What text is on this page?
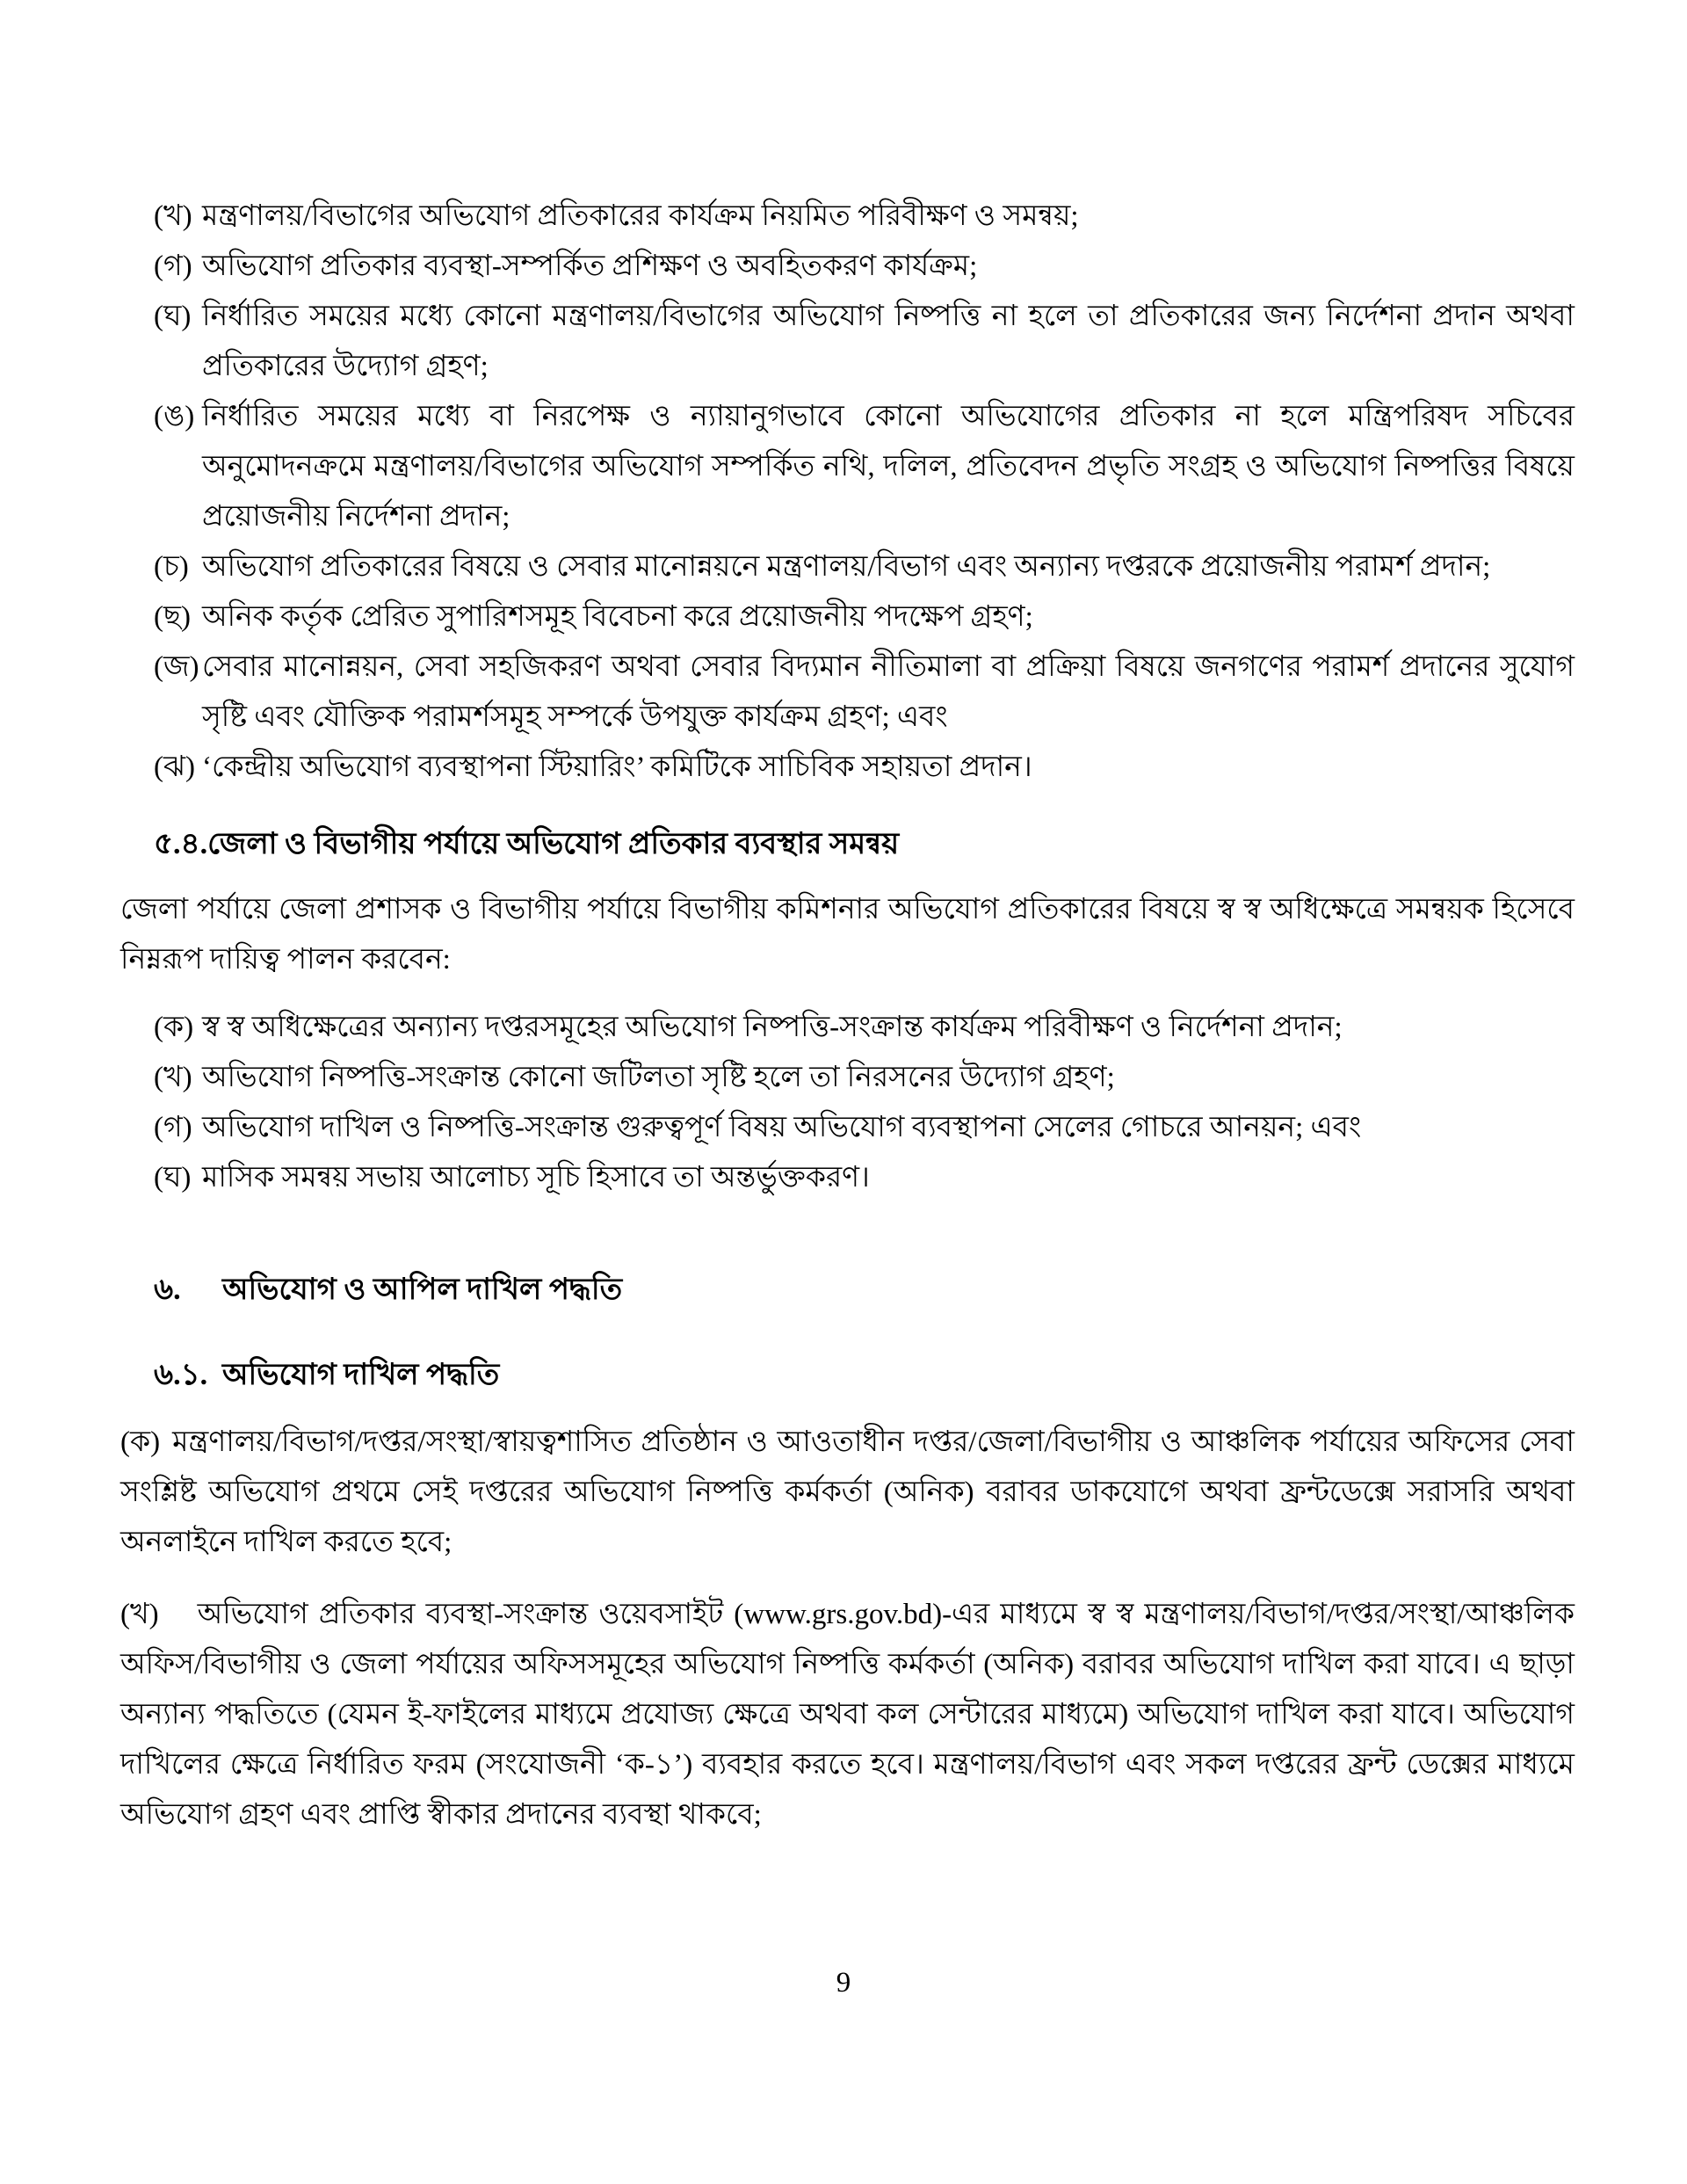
(খ) মন্ত্রণালয়/বিভাগের অভিযোগ প্রতিকারের কার্যক্রম নিয়মিত পরিবীক্ষণ ও সমন্বয়;
(গ) অভিযোগ প্রতিকার ব্যবস্থা-সম্পর্কিত প্রশিক্ষণ ও অবহিতকরণ কার্যক্রম;
(ঘ) নির্ধারিত সময়ের মধ্যে কোনো মন্ত্রণালয়/বিভাগের অভিযোগ নিষ্পত্তি না হলে তা প্রতিকারের জন্য নির্দেশনা প্রদান অথবা প্রতিকারের উদ্যোগ গ্রহণ;
(ঙ) নির্ধারিত সময়ের মধ্যে বা নিরপেক্ষ ও ন্যায়ানুগভাবে কোনো অভিযোগের প্রতিকার না হলে মন্ত্রিপরিষদ সচিবের অনুমোদনক্রমে মন্ত্রণালয়/বিভাগের অভিযোগ সম্পর্কিত নথি, দলিল, প্রতিবেদন প্রভৃতি সংগ্রহ ও অভিযোগ নিষ্পত্তির বিষয়ে প্রয়োজনীয় নির্দেশনা প্রদান;
(চ) অভিযোগ প্রতিকারের বিষয়ে ও সেবার মানোন্নয়নে মন্ত্রণালয়/বিভাগ এবং অন্যান্য দপ্তরকে প্রয়োজনীয় পরামর্শ প্রদান;
(ছ) অনিক কর্তৃক প্রেরিত সুপারিশসমূহ বিবেচনা করে প্রয়োজনীয় পদক্ষেপ গ্রহণ;
(জ) সেবার মানোন্নয়ন, সেবা সহজিকরণ অথবা সেবার বিদ্যমান নীতিমালা বা প্রক্রিয়া বিষয়ে জনগণের পরামর্শ প্রদানের সুযোগ সৃষ্টি এবং যৌক্তিক পরামর্শসমূহ সম্পর্কে উপযুক্ত কার্যক্রম গ্রহণ; এবং
(ঝ) ‘কেন্দ্রীয় অভিযোগ ব্যবস্থাপনা স্টিয়ারিং’ কমিটিকে সাচিবিক সহায়তা প্রদান।
৫.৪. জেলা ও বিভাগীয় পর্যায়ে অভিযোগ প্রতিকার ব্যবস্থার সমন্বয়

জেলা পর্যায়ে জেলা প্রশাসক ও বিভাগীয় পর্যায়ে বিভাগীয় কমিশনার অভিযোগ প্রতিকারের বিষয়ে স্ব স্ব অধিক্ষেত্রে সমন্বয়ক হিসেবে নিম্নরূপ দায়িত্ব পালন করবেন:

(ক) স্ব স্ব অধিক্ষেত্রের অন্যান্য দপ্তরসমূহের অভিযোগ নিষ্পত্তি-সংক্রান্ত কার্যক্রম পরিবীক্ষণ ও নির্দেশনা প্রদান;
(খ) অভিযোগ নিষ্পত্তি-সংক্রান্ত কোনো জটিলতা সৃষ্টি হলে তা নিরসনের উদ্যোগ গ্রহণ;
(গ) অভিযোগ দাখিল ও নিষ্পত্তি-সংক্রান্ত গুরুত্বপূর্ণ বিষয় অভিযোগ ব্যবস্থাপনা সেলের গোচরে আনয়ন; এবং
(ঘ) মাসিক সমন্বয় সভায় আলোচ্য সূচি হিসাবে তা অন্তর্ভুক্তকরণ।
৬.	অভিযোগ ও আপিল দাখিল পদ্ধতি
৬.১. অভিযোগ দাখিল পদ্ধতি

(ক) মন্ত্রণালয়/বিভাগ/দপ্তর/সংস্থা/স্বায়ত্বশাসিত প্রতিষ্ঠান ও আওতাধীন দপ্তর/জেলা/বিভাগীয় ও আঞ্চলিক পর্যায়ের অফিসের সেবা সংশ্লিষ্ট অভিযোগ প্রথমে সেই দপ্তরের অভিযোগ নিষ্পত্তি কর্মকর্তা (অনিক) বরাবর ডাকযোগে অথবা ফ্রন্টডেক্সে সরাসরি অথবা অনলাইনে দাখিল করতে হবে;

(খ) অভিযোগ প্রতিকার ব্যবস্থা-সংক্রান্ত ওয়েবসাইট (www.grs.gov.bd)-এর মাধ্যমে স্ব স্ব মন্ত্রণালয়/বিভাগ/দপ্তর/সংস্থা/আঞ্চলিক অফিস/বিভাগীয় ও জেলা পর্যায়ের অফিসসমূহের অভিযোগ নিষ্পত্তি কর্মকর্তা (অনিক) বরাবর অভিযোগ দাখিল করা যাবে। এ ছাড়া অন্যান্য পদ্ধতিতে (যেমন ই-ফাইলের মাধ্যমে প্রযোজ্য ক্ষেত্রে অথবা কল সেন্টারের মাধ্যমে) অভিযোগ দাখিল করা যাবে। অভিযোগ দাখিলের ক্ষেত্রে নির্ধারিত ফরম (সংযোজনী ‘ক-১’) ব্যবহার করতে হবে। মন্ত্রণালয়/বিভাগ এবং সকল দপ্তরের ফ্রন্ট ডেক্সের মাধ্যমে অভিযোগ গ্রহণ এবং প্রাপ্তি স্বীকার প্রদানের ব্যবস্থা থাকবে;

9
